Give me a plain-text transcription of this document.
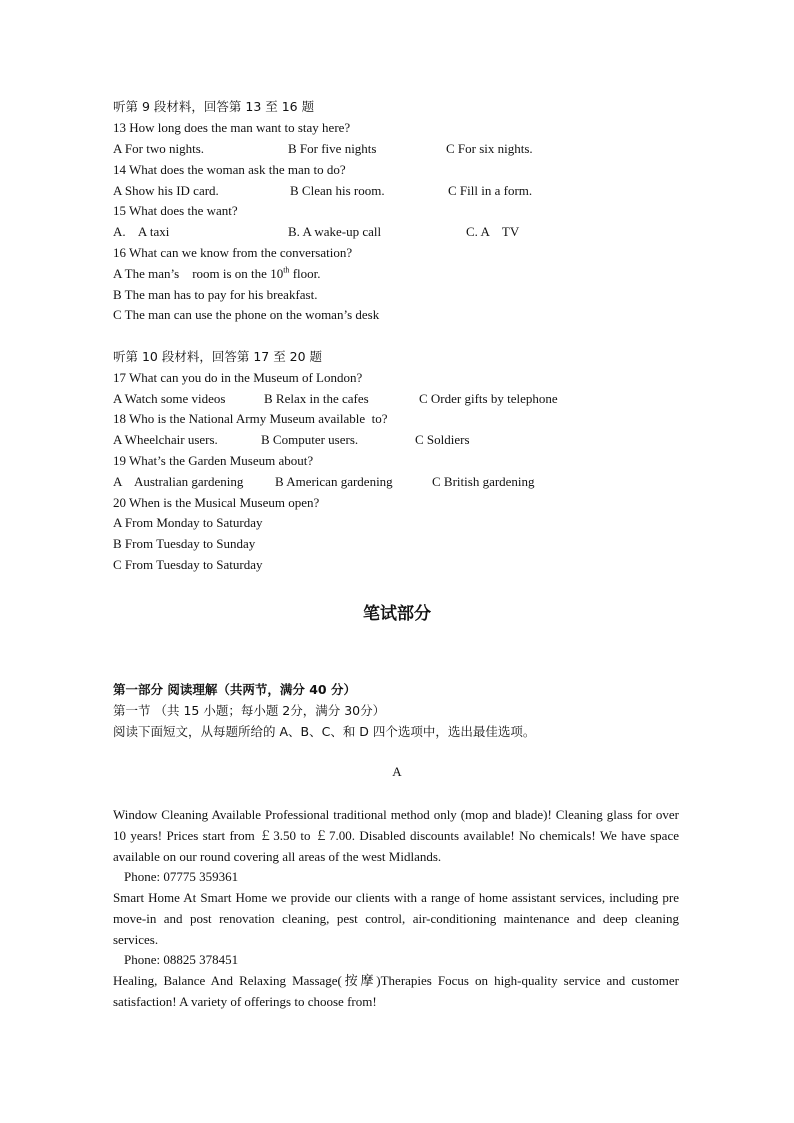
听第 9 段材料，回答第 13 至 16 题
13 How long does the man want to stay here?
A For two nights.	B For five nights	C For six nights.
14 What does the woman ask the man to do?
A Show his ID card.	B Clean his room.	C Fill in a form.
15 What does the want?
A.    A taxi	B. A wake-up call	C. A    TV
16 What can we know from the conversation?
A The man’s    room is on the 10th floor.
B The man has to pay for his breakfast.
C The man can use the phone on the woman’s desk
听第 10 段材料，回答第 17 至 20 题
17 What can you do in the Museum of London?
A Watch some videos	B Relax in the cafes	C Order gifts by telephone
18 Who is the National Army Museum available  to?
A Wheelchair users.	B Computer users.	C Soldiers
19 What’s the Garden Museum about?
A    Australian gardening B American gardening	C British gardening
20 When is the Musical Museum open?
A From Monday to Saturday
B From Tuesday to Sunday
C From Tuesday to Saturday
笔试部分
第一部分 阅读理解（共两节，满分 40 分）
第一节 （共 15 小题；每小题 2分，满分 30分）
阅读下面短文，从每题所给的 A、B、C、和 D 四个选项中，选出最佳选项。
A
Window Cleaning Available Professional traditional method only (mop and blade)! Cleaning glass for over 10 years! Prices start from ￡3.50 to ￡7.00. Disabled discounts available! No chemicals! We have space available on our round covering all areas of the west Midlands.
Phone: 07775 359361
Smart Home At Smart Home we provide our clients with a range of home assistant services, including pre move-in and post renovation cleaning, pest control, air-conditioning maintenance and deep cleaning services.
Phone: 08825 378451
Healing, Balance And Relaxing Massage(按摩)Therapies Focus on high-quality service and customer satisfaction! A variety of offerings to choose from!
